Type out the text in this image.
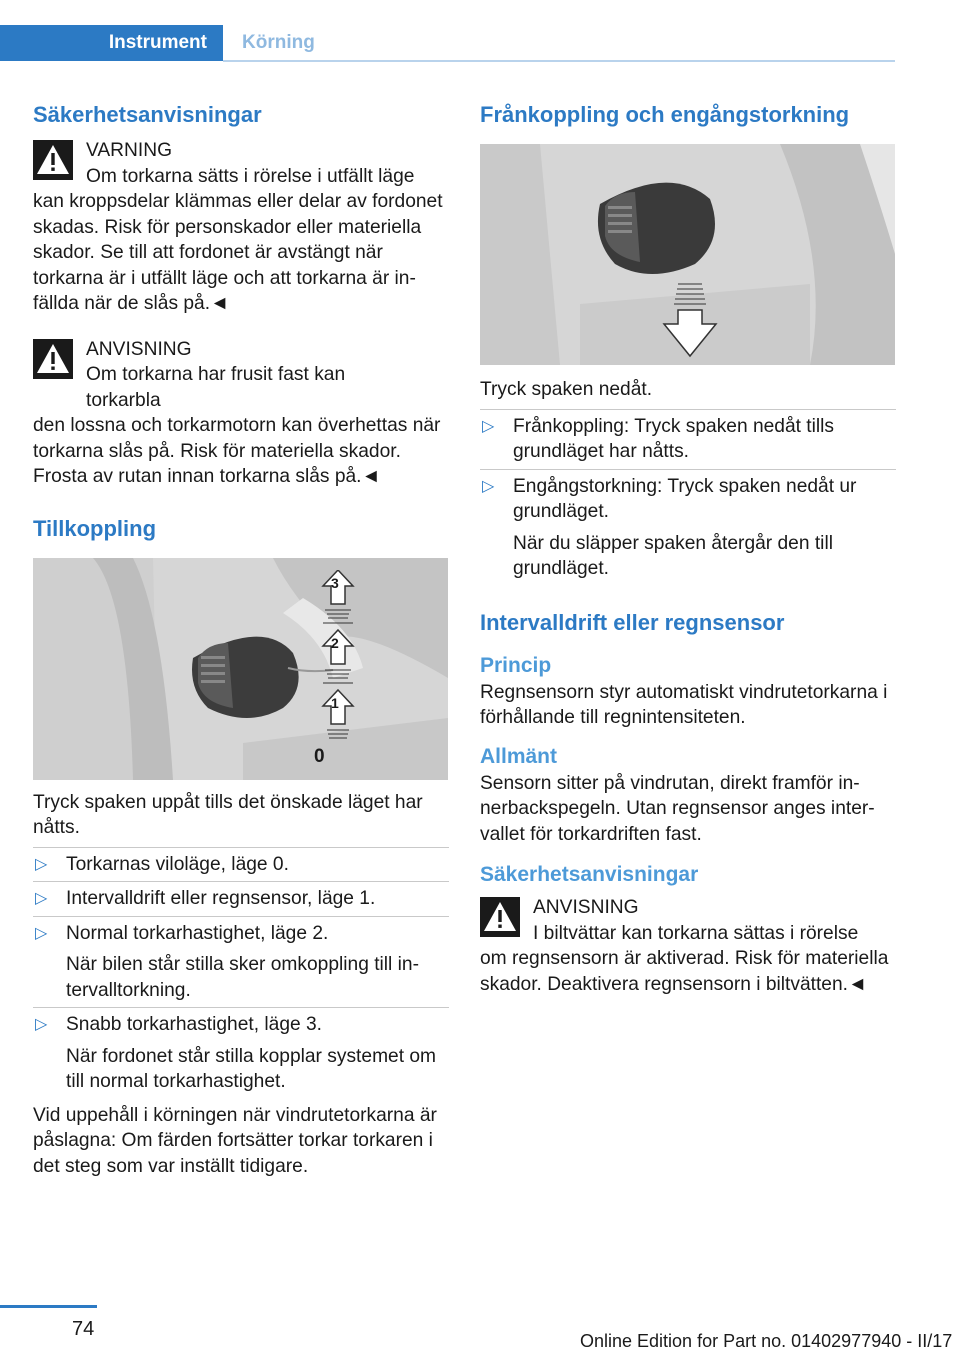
Instrument	Körning
Säkerhetsanvisningar

VARNING

Om torkarna sätts i rörelse i utfällt läge

kan kroppsdelar klämmas eller delar av fordonet skadas. Risk för personskador eller materiella skador. Se till att fordonet är avstängt när torkarna är i utfällt läge och att torkarna är infällda när de slås på.◄

ANVISNING

Om torkarna har frusit fast kan torkarbla

den lossna och torkarmotorn kan överhettas när torkarna slås på. Risk för materiella skador. Frosta av rutan innan torkarna slås på.◄

Tillkoppling
3
2
1
0

Tryck spaken uppåt tills det önskade läget har nåtts.

▷ Torkarnas viloläge, läge 0.
▷ Intervalldrift eller regnsensor, läge 1.
▷ Normal torkarhastighet, läge 2.

När bilen står stilla sker omkoppling till intervalltorkning.

▷ Snabb torkarhastighet, läge 3.

När fordonet står stilla kopplar systemet om till normal torkarhastighet.

Vid uppehåll i körningen när vindrutetorkarna är påslagna: Om färden fortsätter torkar torkaren i det steg som var inställt tidigare.

Frånkoppling och engångstorkning

Tryck spaken nedåt.

▷ Frånkoppling: Tryck spaken nedåt tills grundläget har nåtts.
▷ Engångstorkning: Tryck spaken nedåt ur grundläget.

När du släpper spaken återgår den till grundläget.

Intervalldrift eller regnsensor
Princip

Regnsensorn styr automatiskt vindrutetorkarna i förhållande till regnintensiteten.

Allmänt

Sensorn sitter på vindrutan, direkt framför innerbackspegeln. Utan regnsensor anges intervallet för torkardriften fast.

Säkerhetsanvisningar

ANVISNING

I biltvättar kan torkarna sättas i rörelse

om regnsensorn är aktiverad. Risk för materiella skador. Deaktivera regnsensorn i biltvätten.◄

74
Online Edition for Part no. 01402977940 - II/17
